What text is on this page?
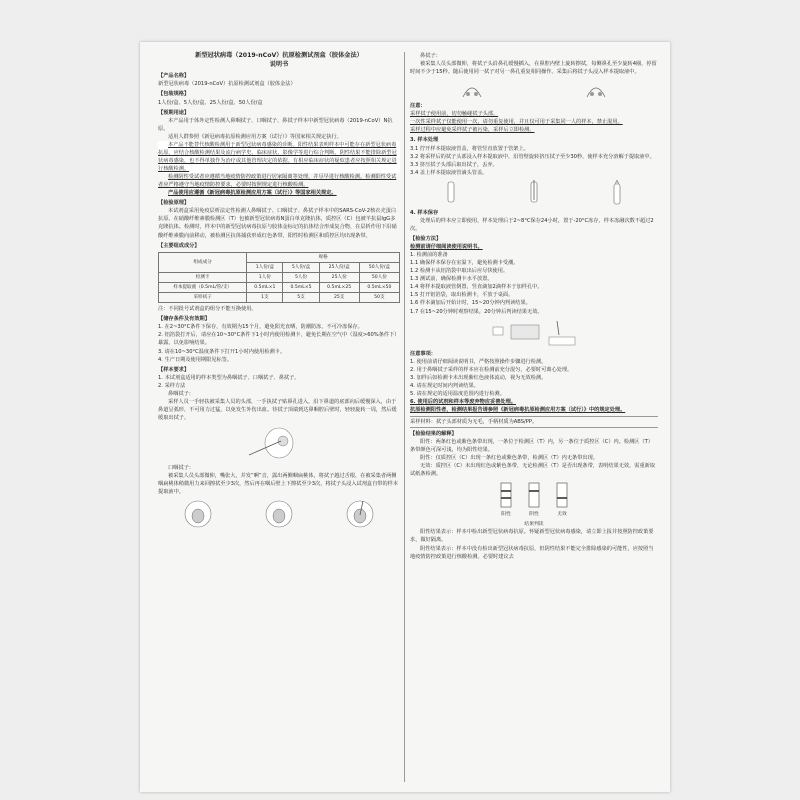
新型冠状病毒（2019-nCoV）抗原检测试剂盒（胶体金法）
说明书
【产品名称】
新型冠状病毒（2019-nCoV）抗原检测试剂盒（胶体金法）
【包装规格】
1人份/盒、5人份/盒、25人份/盒、50人份/盒
【预期用途】

本产品用于体外定性检测人鼻咽拭子、口咽拭子、鼻拭子样本中新型冠状病毒（2019-nCoV）N抗原。

适用人群参照《新冠病毒抗原检测应用方案（试行）》等国家相关规定执行。

本产品不能替代核酸检测用于新型冠状病毒感染的诊断。阳性结果表明样本中可能存在新型冠状病毒抗原，应结合核酸检测结果及流行病学史、临床症状、影像学等进行综合判断。阴性结果不能排除新型冠状病毒感染，也不得单独作为治疗或其他管理决定的依据。有相应临床症状的疑似患者应按照相关规定进行核酸检测。

检测阴性受试者应遵循当地疫情防控政策进行居家隔离等处理，并尽早进行核酸检测。检测阳性受试者应严格遵守当地疫情防控要求，必要时按照规定进行核酸检测。

产品使用应遵循《新冠病毒抗原检测应用方案（试行）》等国家相关规定。

【检验原理】

本试剂盒采用免疫层析法定性检测人鼻咽拭子、口咽拭子、鼻拭子样本中的SARS-CoV-2核衣壳蛋白抗原。在硝酸纤维素膜检测区（T）包被新型冠状病毒N蛋白单克隆抗体，质控区（C）包被羊抗鼠IgG多克隆抗体。检测时，样本中的新型冠状病毒抗原与胶体金标记的抗体结合形成复合物，在层析作用下沿硝酸纤维素膜向前移动，被检测区抗体捕获形成红色条带，阳性时检测区和质控区均出现条带。

【主要组成成分】
组成成分	规格			
	1人份/盒	5人份/盒	25人份/盒	50人份/盒
检测卡	1人份	5人份	25人份	50人份
样本提取液（0.5mL/管/支）	0.5mL×1	0.5mL×5	0.5mL×25	0.5mL×50
采样拭子	1支	5支	25支	50支
注：不同批号试剂盒的组分不能互换使用。
【储存条件及有效期】
1. 在2~30°C条件下保存，有效期为15个月，避免阳光直晒，防潮防冻，不可冷冻保存。
2. 铝箔袋打开后，请应在10~30°C条件下1小时内使用检测卡，避免长期在空气中（湿度>60%条件下）暴露，以免影响结果。
3. 请在10~30°C温度条件下打开1小时内使用检测卡。
4. 生产日期及使用期限见标签。
【样本要求】
1. 本试剂盒适用的样本类型为鼻咽拭子、口咽拭子、鼻拭子。
2. 采样方法
鼻咽拭子：

采样人员一手轻扶被采集人员的头部，一手执拭子贴鼻孔进入，沿下鼻道的底部向后缓慢深入，由于鼻道呈弧形，不可用力过猛，以免发生外伤出血。待拭子顶端到达鼻咽腔后壁时，轻轻旋转一周，然后缓缓取出拭子。

口咽拭子：

被采集人员头部微仰，嘴张大，并发“啊”音，露出两侧咽扁桃体，将拭子越过舌根，在被采集者两侧咽扁桃体稍微用力来回擦拭至少3次，然后再在咽后壁上下擦拭至少3次，将拭子头浸入试剂盒自带的样本提取液中。

鼻拭子：

被采集人员头部微仰，将拭子头沿鼻孔缓慢插入，在鼻腔内壁上旋转擦拭，每侧鼻孔至少旋转4圈，停留时间不少于15秒。随后使用同一拭子对另一鼻孔重复相同操作。采集后将拭子头浸入样本提取液中。

注意：
采样拭子使用前，切勿触碰拭子头部。
一次性采样拭子仅能使用一次，请勿重复使用，并且仅可用于采集同一人的样本，禁止混用。
采样过程中应避免采样拭子被污染，采样后立即检测。
3. 样本处理
3.1 拧开样本提取液管盖，将管竖直放置于管架上。
3.2 将采样后的拭子头部浸入样本提取液中，沿管壁旋转挤压拭子至少30秒，使样本充分溶解于提取液中。
3.3 挤压拭子头部后取出拭子，丢弃。
3.4 盖上样本提取液管滴头管盖。
4. 样本保存

处理后的样本应立即使用，样本处理后于2~8°C保存24小时，置于-20°C冻存，样本冻融次数不超过2次。

【检验方法】
检测前请仔细阅读使用说明书。
1. 检测前的准备
1.1 确保样本保存在室温下，避免检测卡受潮。
1.2 检测卡从铝箔袋中取出后应尽快使用。
1.3 测试前，确保检测卡水平放置。
1.4 将样本提取液管倒置，竖直滴加2滴样本于加样孔中。
1.5 打开铝箔袋，取出检测卡，平放于桌面。
1.6 样本滴加后开始计时，15~20分钟内判读结果。
1.7 在15~20分钟时观察结果，20分钟后判读结果无效。
注意事项：
1. 使用前请仔细阅读说明书，严格按照操作步骤进行检测。
2. 用于鼻咽拭子采样的样本应在检测前充分混匀，必要时可离心处理。
3. 加样后如检测卡未出现紫红色液体流动，视为无效检测。
4. 请在规定时间内判读结果。
5. 请在规定的适用温度范围内进行检测。
6. 使用后的试剂和样本等废弃物应妥善处理。
抗原检测阳性者，检测结果报告请参照《新冠病毒抗原检测应用方案（试行）》中的规定处理。
采样材料：拭子头部材质为无毛，手柄材质为ABS/PP。
【检验结果的解释】

阳性：两条红色或紫色条带出现，一条位于检测区（T）内，另一条位于质控区（C）内。检测区（T）条带颜色可深可浅，均为阳性结果。

阴性：仅质控区（C）出现一条红色或紫色条带，检测区（T）内无条带出现。

无效：质控区（C）未出现红色或紫色条带，无论检测区（T）是否出现条带，表明结果无效，需重新取试纸条检测。

阳性	阴性	无效
结果判读

阳性结果表示：样本中检出新型冠状病毒抗原。怀疑新型冠状病毒感染，请立即上报并按照防控政策要求，做好隔离。

阴性结果表示：样本中没有检出新型冠状病毒抗原，但阴性结果不能完全排除感染的可能性，应按照当地疫情防控政策进行核酸检测。必要时建议去
